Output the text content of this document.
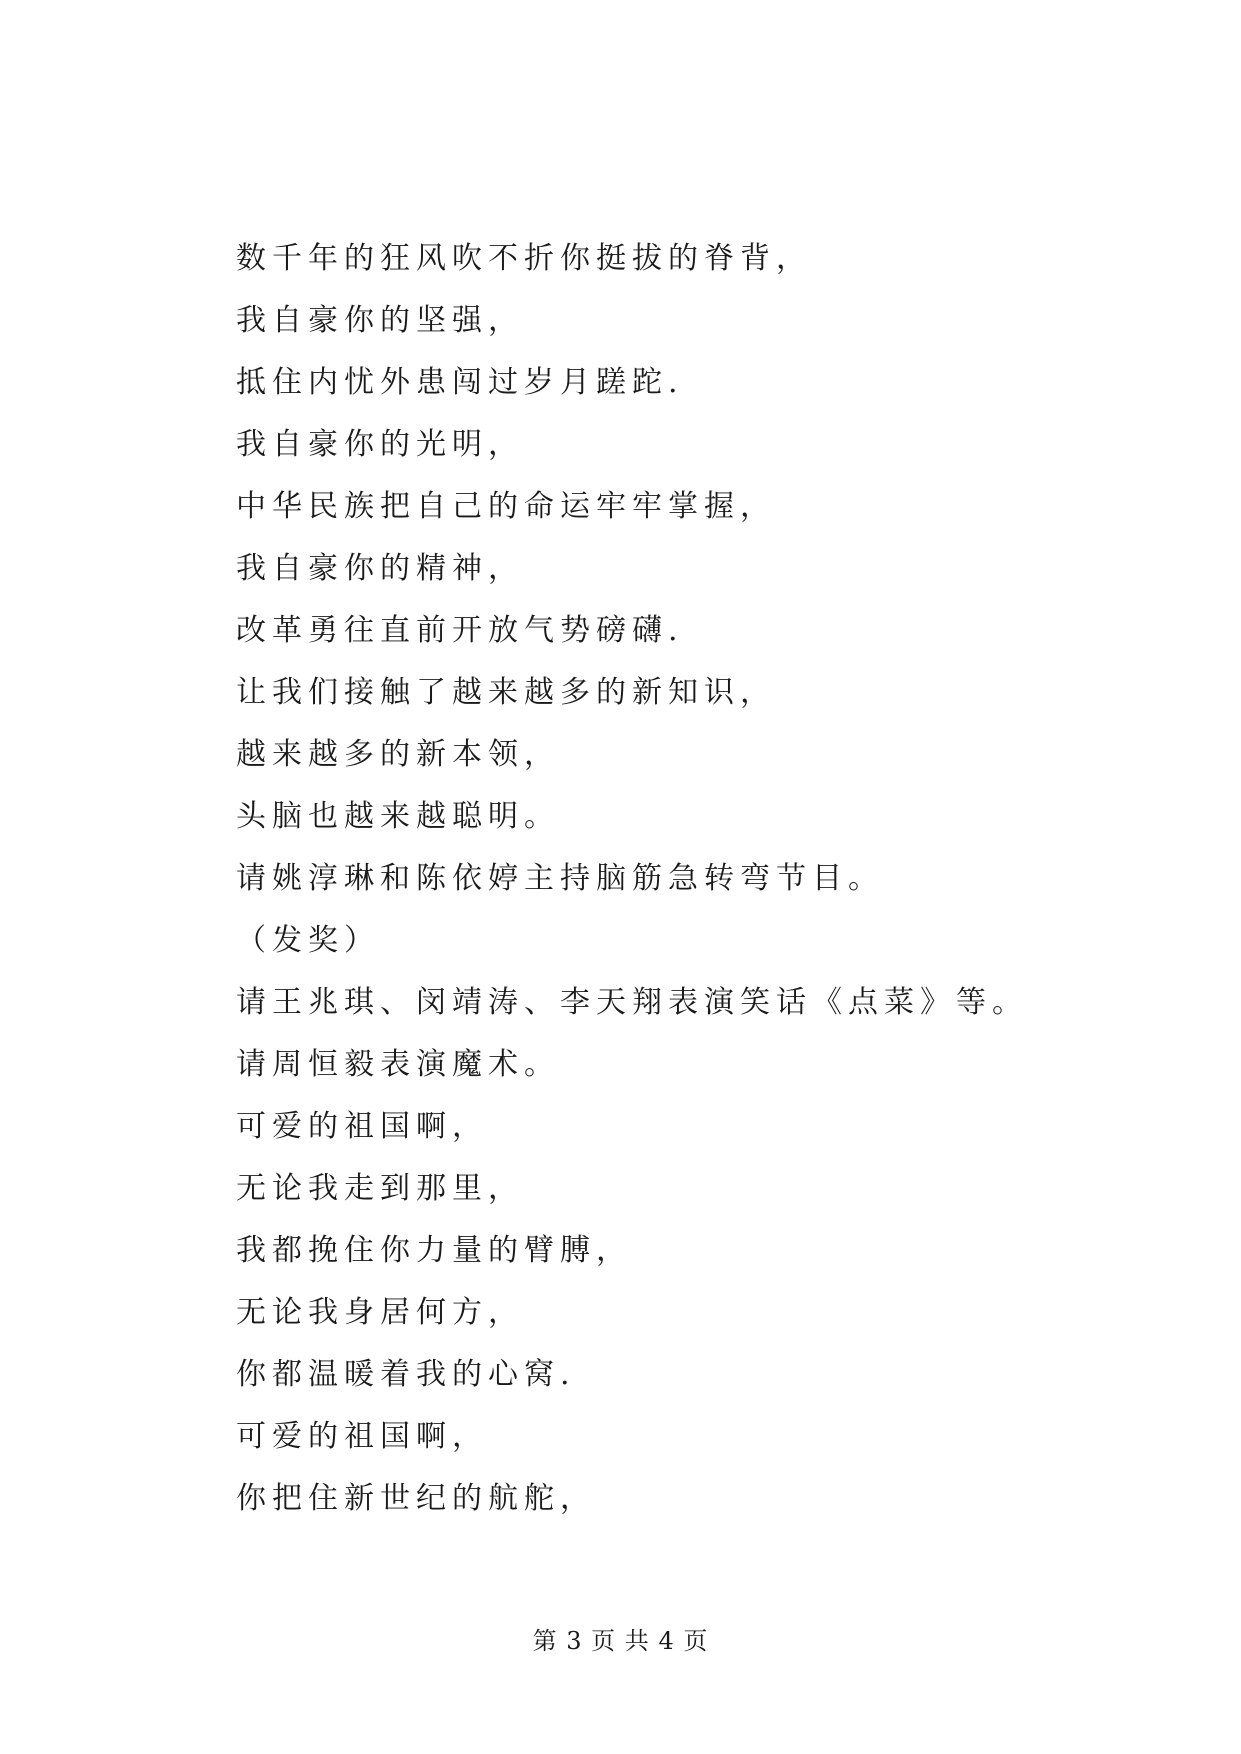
数千年的狂风吹不折你挺拔的脊背，

我自豪你的坚强，

抵住内忧外患闯过岁月蹉跎.

我自豪你的光明，

中华民族把自己的命运牢牢掌握，

我自豪你的精神，

改革勇往直前开放气势磅礴.

让我们接触了越来越多的新知识，

越来越多的新本领，

头脑也越来越聪明。

请姚淳琳和陈依婷主持脑筋急转弯节目。

（发奖）

请王兆琪、闵靖涛、李天翔表演笑话《点菜》等。

请周恒毅表演魔术。

可爱的祖国啊，

无论我走到那里，

我都挽住你力量的臂膊，

无论我身居何方，

你都温暖着我的心窝.

可爱的祖国啊，

你把住新世纪的航舵，

第 3 页 共 4 页
